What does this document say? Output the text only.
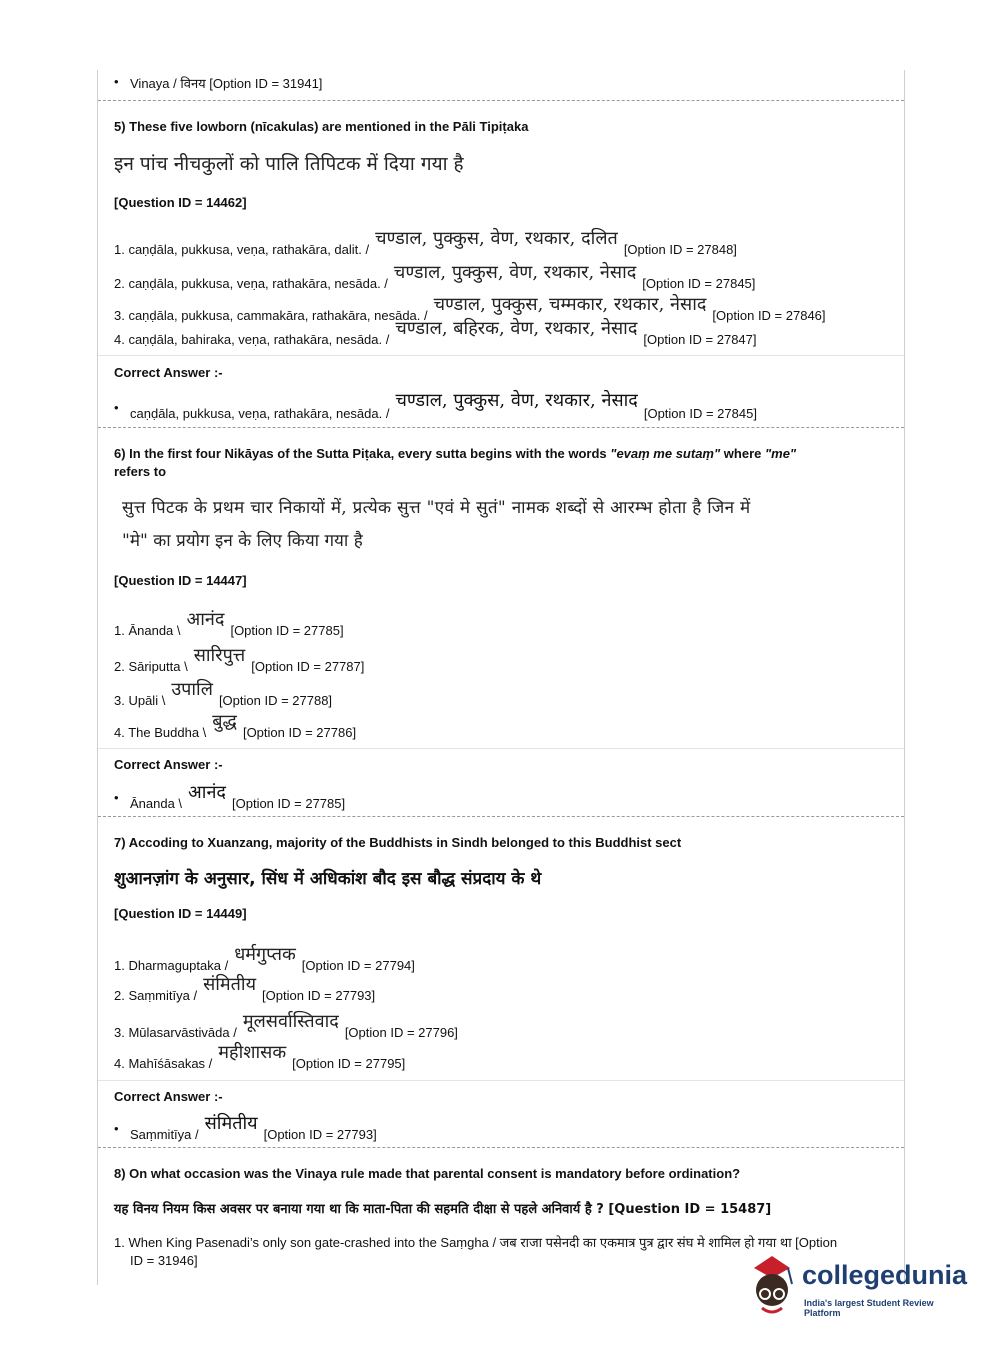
• Vinaya / विनय [Option ID = 31941]
5) These five lowborn (nīcakulas) are mentioned in the Pāli Tipiṭaka
इन पांच नीचकुलों को पालि तिपिटक में दिया गया है
[Question ID = 14462]
1. caṇḍāla, pukkusa, veṇa, rathakāra, dalit. /चण्डाल, पुक्कुस, वेण, रथकार, दलित[Option ID = 27848]
2. caṇḍāla, pukkusa, veṇa, rathakāra, nesāda. /चण्डाल, पुक्कुस, वेण, रथकार, नेसाद[Option ID = 27845]
3. caṇḍāla, pukkusa, cammakāra, rathakāra, nesāda. /चण्डाल, पुक्कुस, चम्मकार, रथकार, नेसाद[Option ID = 27846]
4. caṇḍāla, bahiraka, veṇa, rathakāra, nesāda. /चण्डाल, बहिरक, वेण, रथकार, नेसाद[Option ID = 27847]
Correct Answer :-
• caṇḍāla, pukkusa, veṇa, rathakāra, nesāda. /चण्डाल, पुक्कुस, वेण, रथकार, नेसाद[Option ID = 27845]
6) In the first four Nikāyas of the Sutta Piṭaka, every sutta begins with the words "evaṃ me sutaṃ" where "me"
refers to
सुत्त पिटक के प्रथम चार निकायों में, प्रत्येक सुत्त "एवं मे सुतं" नामक शब्दों से आरम्भ होता है जिन में
"मे" का प्रयोग इन के लिए किया गया है
[Question ID = 14447]
1. Ānanda \आनंद[Option ID = 27785]
2. Sāriputta \सारिपुत्त[Option ID = 27787]
3. Upāli \उपालि[Option ID = 27788]
4. The Buddha \बुद्ध[Option ID = 27786]
Correct Answer :-
• Ānanda \आनंद[Option ID = 27785]
7) Accoding to Xuanzang, majority of the Buddhists in Sindh belonged to this Buddhist sect
शुआनज़ांग के अनुसार, सिंध में अधिकांश बौद इस बौद्ध संप्रदाय के थे
[Question ID = 14449]
1. Dharmaguptaka /धर्मगुप्तक[Option ID = 27794]
2. Saṃmitīya /संमितीय[Option ID = 27793]
3. Mūlasarvāstivāda /मूलसर्वास्तिवाद[Option ID = 27796]
4. Mahīśāsakas /महीशासक[Option ID = 27795]
Correct Answer :-
• Saṃmitīya /संमितीय[Option ID = 27793]
8) On what occasion was the Vinaya rule made that parental consent is mandatory before ordination?
यह विनय नियम किस अवसर पर बनाया गया था कि माता-पिता की सहमति दीक्षा से पहले अनिवार्य है ? [Question ID = 15487]
1. When King Pasenadi’s only son gate-crashed into the Saṃgha / जब राजा पसेनदी का एकमात्र पुत्र द्वार संघ मे शामिल हो गया था [Option
ID = 31946]	collegedunia
India's largest Student Review Platform
